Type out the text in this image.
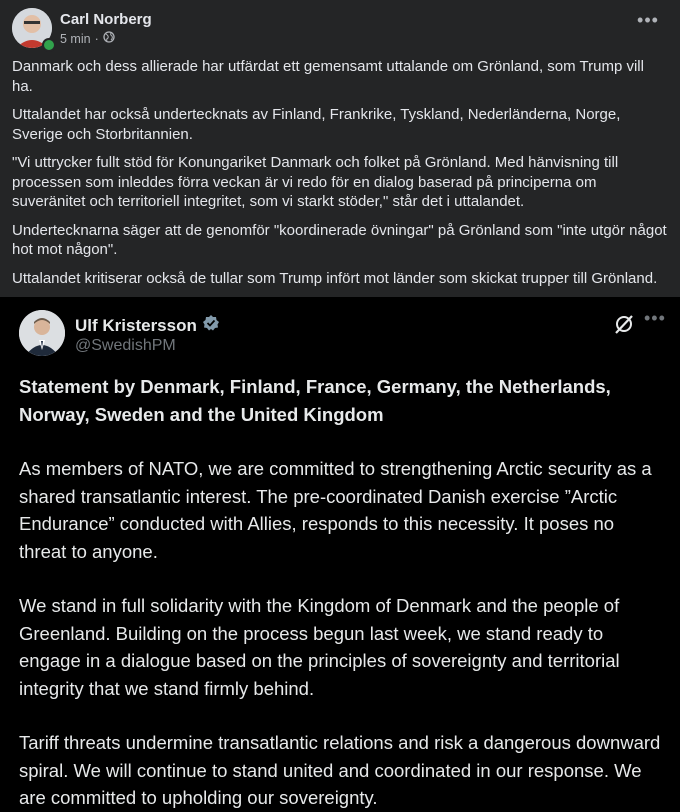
Carl Norberg
5 min ·
•••

Danmark och dess allierade har utfärdat ett gemensamt uttalande om Grönland, som Trump vill ha.

Uttalandet har också undertecknats av Finland, Frankrike, Tyskland, Nederländerna, Norge, Sverige och Storbritannien.

"Vi uttrycker fullt stöd för Konungariket Danmark och folket på Grönland. Med hänvisning till processen som inleddes förra veckan är vi redo för en dialog baserad på principerna om suveränitet och territoriell integritet, som vi starkt stöder," står det i uttalandet.

Undertecknarna säger att de genomför "koordinerade övningar" på Grönland som "inte utgör något hot mot någon".

Uttalandet kritiserar också de tullar som Trump infört mot länder som skickat trupper till Grönland.

Ulf Kristersson
@SwedishPM
•••

Statement by Denmark, Finland, France, Germany, the Netherlands, Norway, Sweden and the United Kingdom

As members of NATO, we are committed to strengthening Arctic security as a shared transatlantic interest. The pre-coordinated Danish exercise ”Arctic Endurance” conducted with Allies, responds to this necessity. It poses no threat to anyone.

We stand in full solidarity with the Kingdom of Denmark and the people of Greenland. Building on the process begun last week, we stand ready to engage in a dialogue based on the principles of sovereignty and territorial integrity that we stand firmly behind.

Tariff threats undermine transatlantic relations and risk a dangerous downward spiral. We will continue to stand united and coordinated in our response. We are committed to upholding our sovereignty.
